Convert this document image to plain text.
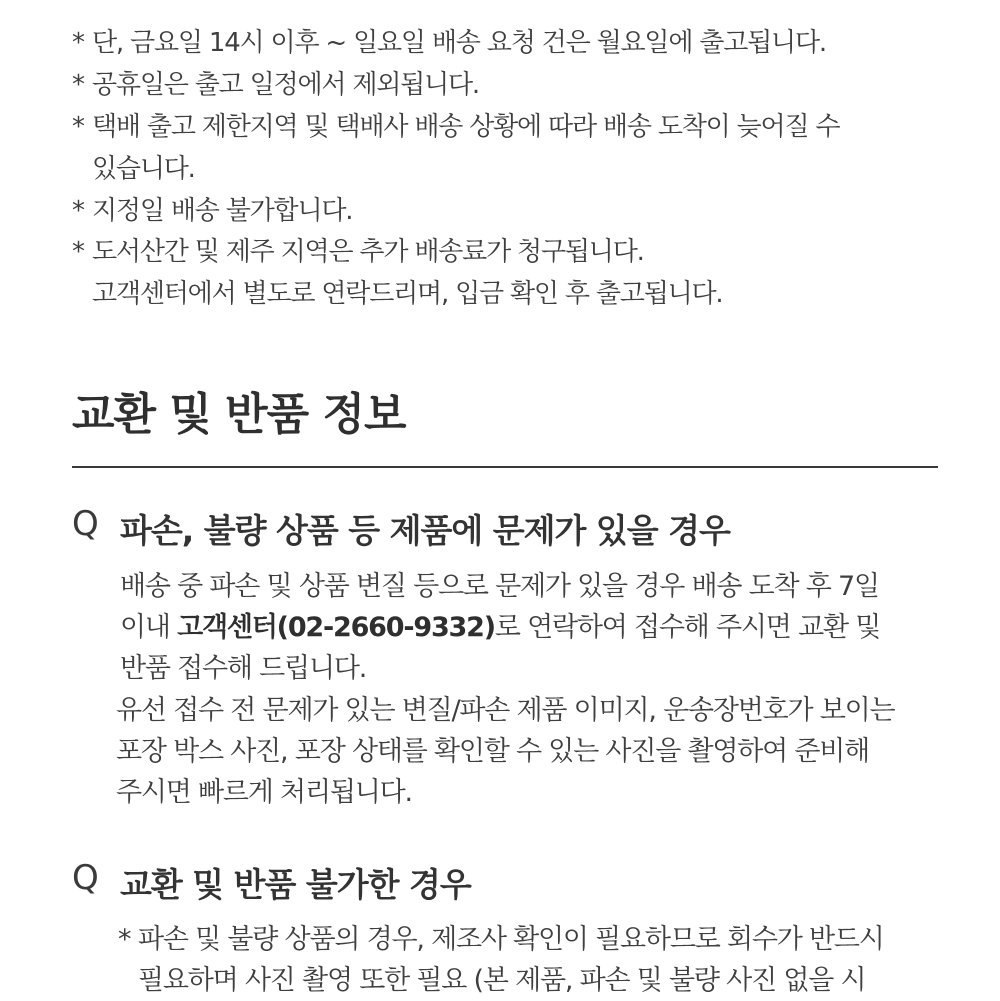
* 단, 금요일 14시 이후 ~ 일요일 배송 요청 건은 월요일에 출고됩니다.
* 공휴일은 출고 일정에서 제외됩니다.
* 택배 출고 제한지역 및 택배사 배송 상황에 따라 배송 도착이 늦어질 수
있습니다.
* 지정일 배송 불가합니다.
* 도서산간 및 제주 지역은 추가 배송료가 청구됩니다.
고객센터에서 별도로 연락드리며, 입금 확인 후 출고됩니다.
교환 및 반품 정보
Q 파손, 불량 상품 등 제품에 문제가 있을 경우
배송 중 파손 및 상품 변질 등으로 문제가 있을 경우 배송 도착 후 7일
이내 고객센터(02-2660-9332)로 연락하여 접수해 주시면 교환 및
반품 접수해 드립니다.
유선 접수 전 문제가 있는 변질/파손 제품 이미지, 운송장번호가 보이는
포장 박스 사진, 포장 상태를 확인할 수 있는 사진을 촬영하여 준비해
주시면 빠르게 처리됩니다.
Q 교환 및 반품 불가한 경우
* 파손 및 불량 상품의 경우, 제조사 확인이 필요하므로 회수가 반드시
필요하며 사진 촬영 또한 필요 (본 제품, 파손 및 불량 사진 없을 시
